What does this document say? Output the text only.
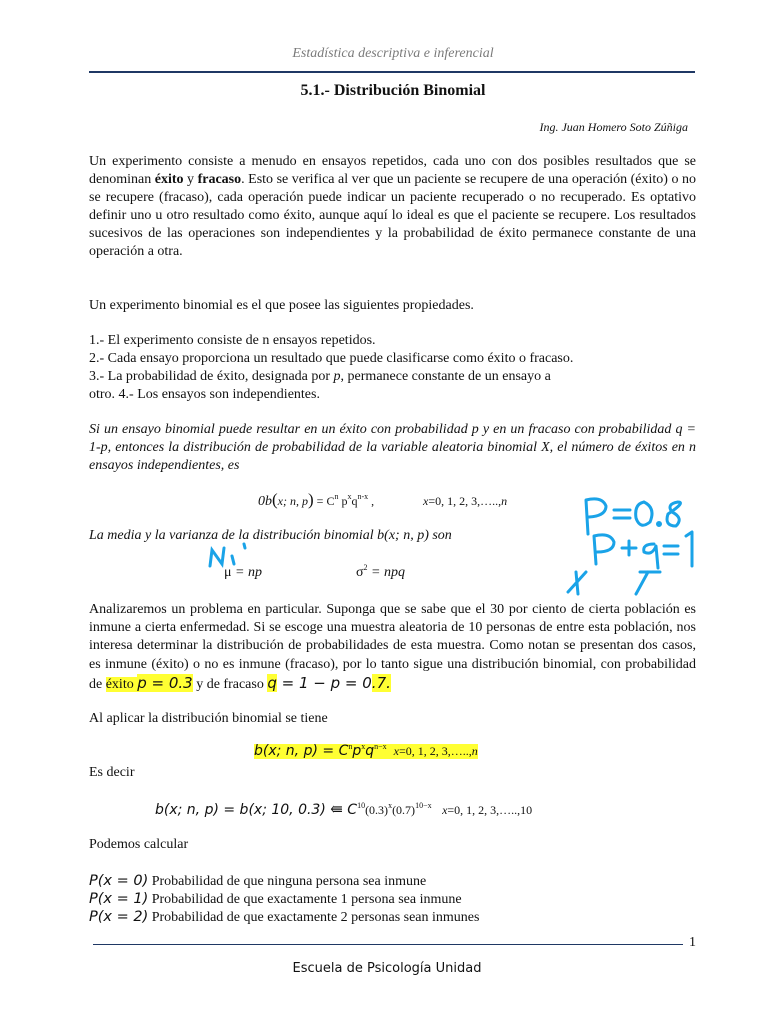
Estadística descriptiva e inferencial
5.1.- Distribución Binomial
Ing. Juan Homero Soto Zúñiga
Un experimento consiste a menudo en ensayos repetidos, cada uno con dos posibles resultados que se denominan éxito y fracaso. Esto se verifica al ver que un paciente se recupere de una operación (éxito) o no se recupere (fracaso), cada operación puede indicar un paciente recuperado o no recuperado. Es optativo definir uno u otro resultado como éxito, aunque aquí lo ideal es que el paciente se recupere. Los resultados sucesivos de las operaciones son independientes y la probabilidad de éxito permanece constante de una operación a otra.
Un experimento binomial es el que posee las siguientes propiedades.
1.- El experimento consiste de n ensayos repetidos.
2.- Cada ensayo proporciona un resultado que puede clasificarse como éxito o fracaso.
3.- La probabilidad de éxito, designada por p, permanece constante de un ensayo a
otro. 4.- Los ensayos son independientes.
Si un ensayo binomial puede resultar en un éxito con probabilidad p y en un fracaso con probabilidad q = 1-p, entonces la distribución de probabilidad de la variable aleatoria binomial X, el número de éxitos en n ensayos independientes, es
0b(x; n, $p) = C^n$ $p^xq^{n-x}$ ,	x=0, 1, 2, 3,…..,n
La media y la varianza de la distribución binomial b(x; n, p) son
μ = np	$\sigma^2$ = npq
Analizaremos un problema en particular. Suponga que se sabe que el 30 por ciento de cierta población es inmune a cierta enfermedad. Si se escoge una muestra aleatoria de 10 personas de entre esta población, nos interesa determinar la distribución de probabilidades de esta muestra. Como notan se presentan dos casos, es inmune (éxito) o no es inmune (fracaso), por lo tanto sigue una distribución binomial, con probabilidad de éxito p = 0.3 y de fracaso q = 1 − p = 0.7.
Al aplicar la distribución binomial se tiene
b(x; n, $p) = C^np^xq^{n-x}$ x=0, 1, 2, 3,…..,n
Es decir
b(x; n, p) = b(x; 10, 0.3) ⇚ $C^{10}(0.3)^x(0.7)^{10-x}$ x=0, 1, 2, 3,…..,10
Podemos calcular
P(x = 0) Probabilidad de que ninguna persona sea inmune
P(x = 1) Probabilidad de que exactamente 1 persona sea inmune
P(x = 2) Probabilidad de que exactamente 2 personas sean inmunes
1
Escuela de Psicología Unidad
